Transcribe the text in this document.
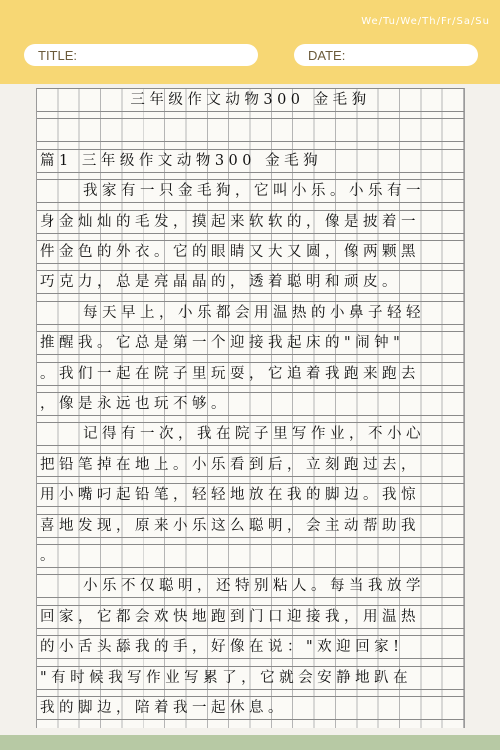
We/Tu/We/Th/Fr/Sa/Su
TITLE:	DATE:
三年级作文动物300 金毛狗
篇1 三年级作文动物300 金毛狗
我家有一只金毛狗，它叫小乐。小乐有一
身金灿灿的毛发，摸起来软软的，像是披着一
件金色的外衣。它的眼睛又大又圆，像两颗黑
巧克力，总是亮晶晶的，透着聪明和顽皮。
每天早上，小乐都会用温热的小鼻子轻轻
推醒我。它总是第一个迎接我起床的"闹钟"
。我们一起在院子里玩耍，它追着我跑来跑去
，像是永远也玩不够。
记得有一次，我在院子里写作业，不小心
把铅笔掉在地上。小乐看到后，立刻跑过去，
用小嘴叼起铅笔，轻轻地放在我的脚边。我惊
喜地发现，原来小乐这么聪明，会主动帮助我
。
小乐不仅聪明，还特别粘人。每当我放学
回家，它都会欢快地跑到门口迎接我，用温热
的小舌头舔我的手，好像在说："欢迎回家!
"有时候我写作业写累了，它就会安静地趴在
我的脚边，陪着我一起休息。
